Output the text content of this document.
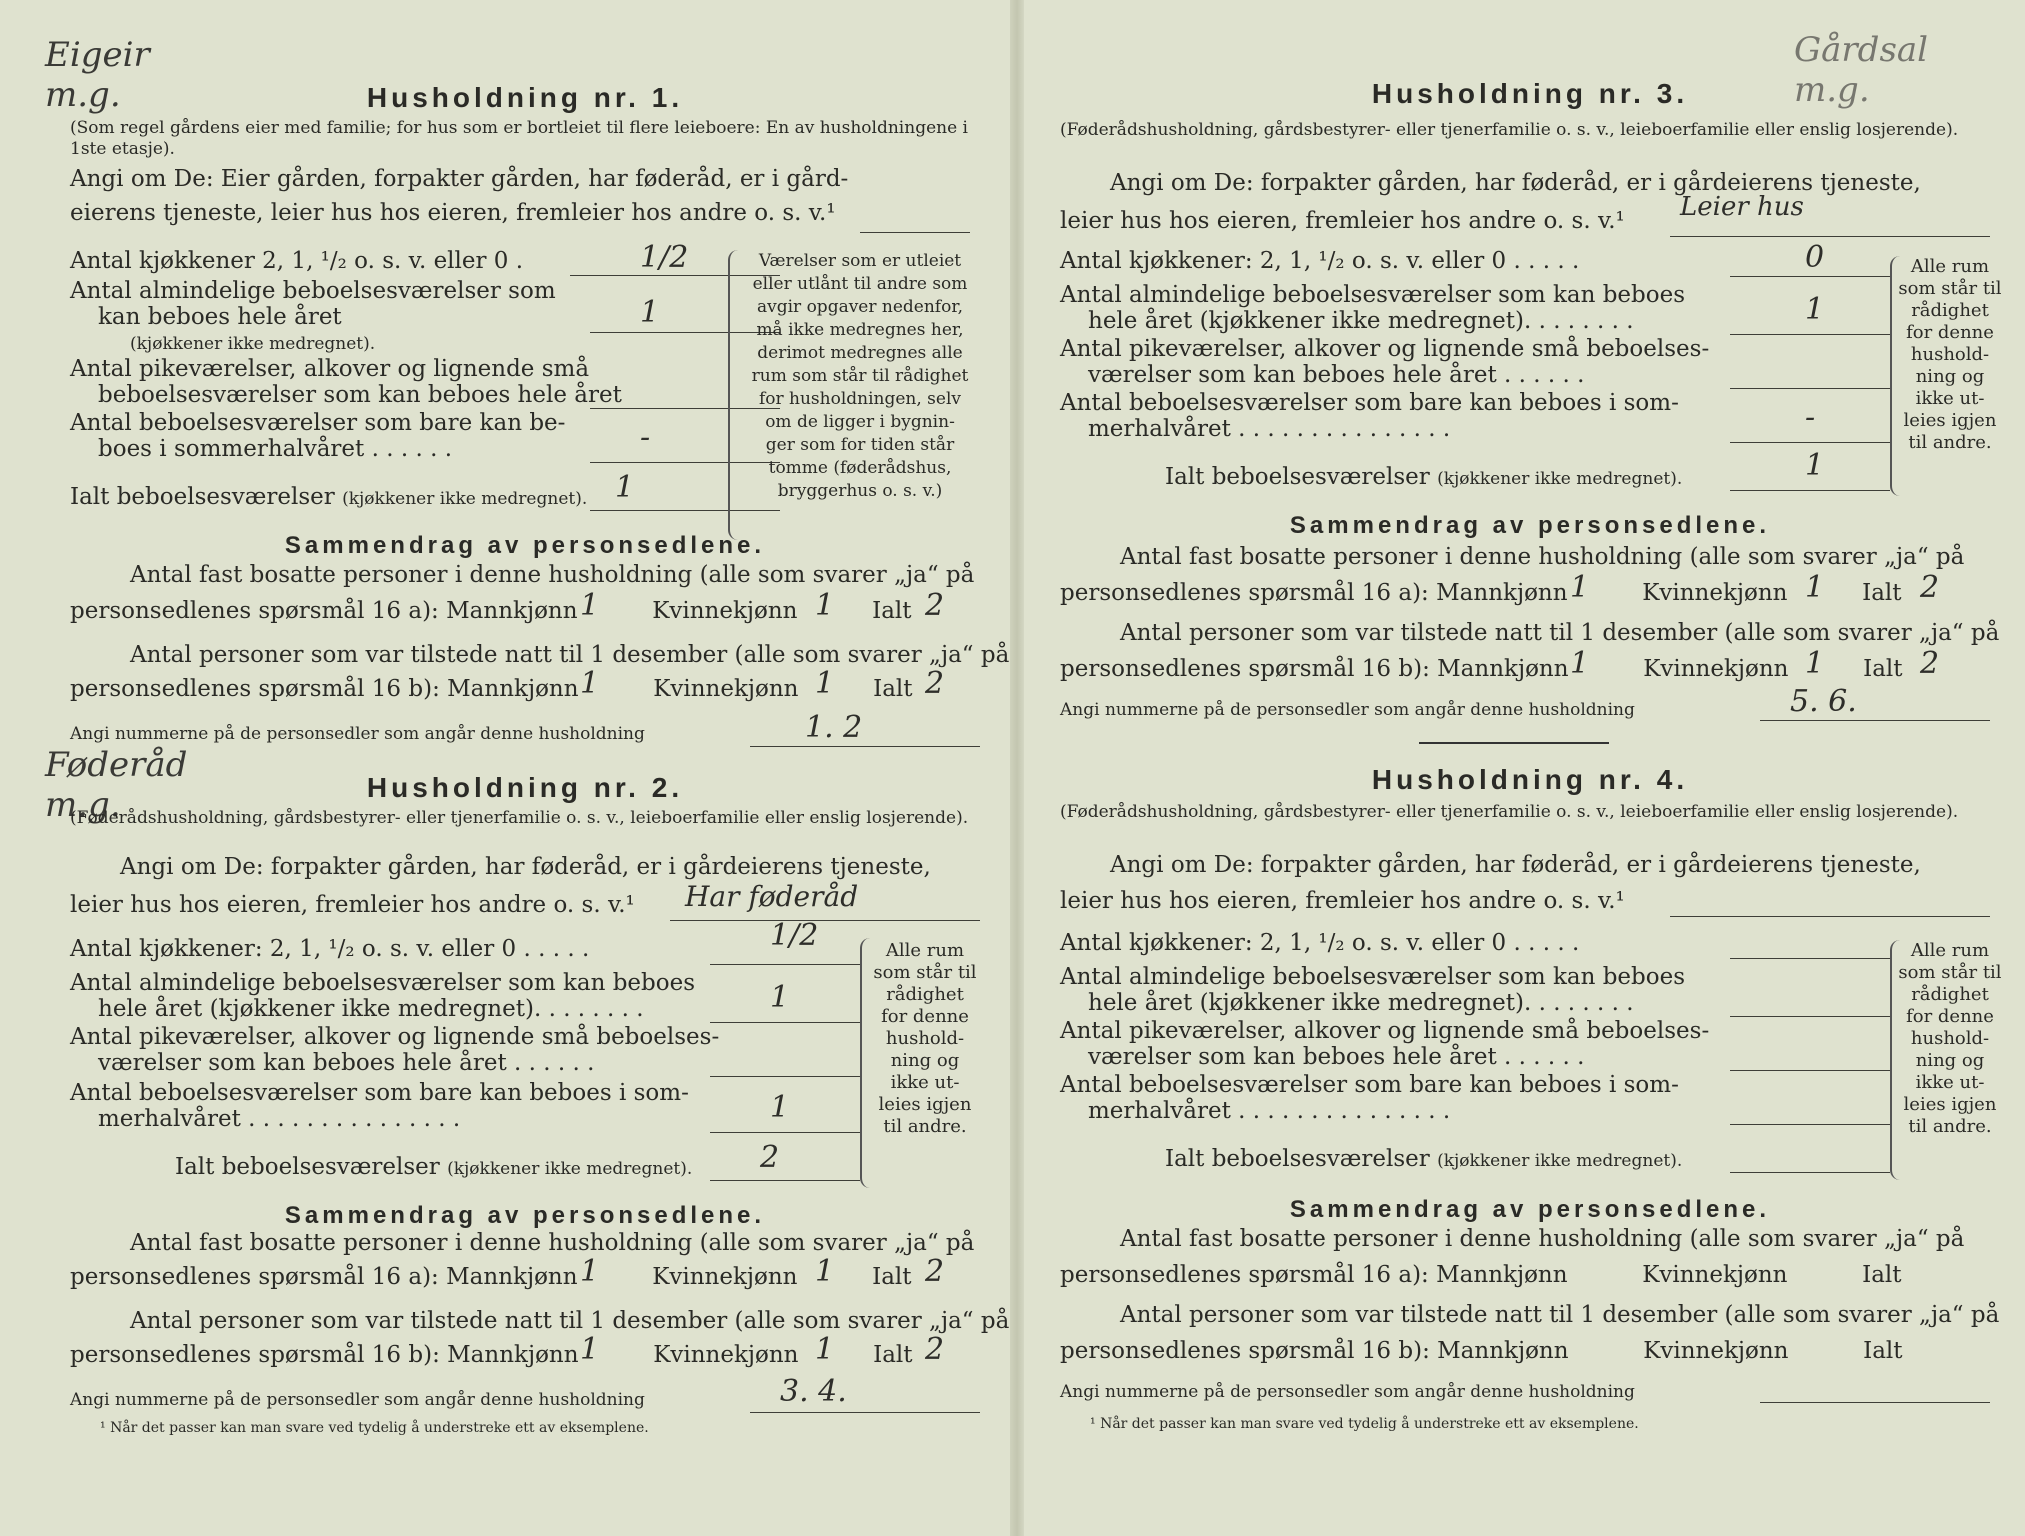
Eigeir
m.g.	Husholdning nr. 1.
(Som regel gårdens eier med familie; for hus som er bortleiet til flere leieboere: En av husholdningene i 1ste etasje).
Angi om De: Eier gården, forpakter gården, har føderåd, er i gård-
eierens tjeneste, leier hus hos eieren, fremleier hos andre o. s. v.¹
Antal kjøkkener 2, 1, ¹/₂ o. s. v. eller 0 .	1/2
Antal almindelige beboelsesværelser som
kan beboes hele året
(kjøkkener ikke medregnet).
1
Antal pikeværelser, alkover og lignende små
beboelsesværelser som kan beboes hele året
Antal beboelsesværelser som bare kan be-
boes i sommerhalvåret . . . . . .	-
Ialt beboelsesværelser (kjøkkener ikke medregnet). 1
Værelser som er utleiet
eller utlånt til andre som
avgir opgaver nedenfor,
må ikke medregnes her,
derimot medregnes alle
rum som står til rådighet
for husholdningen, selv
om de ligger i bygnin-
ger som for tiden står
tomme (føderådshus,
bryggerhus o. s. v.)
Sammendrag av personsedlene.
Antal fast bosatte personer i denne husholdning (alle som svarer „ja“ på
personsedlenes spørsmål 16 a): Mannkjønn	Kvinnekjønn	Ialt
1	1	2
Antal personer som var tilstede natt til 1 desember (alle som svarer „ja“ på
personsedlenes spørsmål 16 b): Mannkjønn	Kvinnekjønn	Ialt
1	1	2
Angi nummerne på de personsedler som angår denne husholdning	1. 2
Føderåd
m.g.	Husholdning nr. 2.
(Føderådshusholdning, gårdsbestyrer- eller tjenerfamilie o. s. v., leieboerfamilie eller enslig losjerende).
Angi om De: forpakter gården, har føderåd, er i gårdeierens tjeneste,
leier hus hos eieren, fremleier hos andre o. s. v.¹ Har føderåd
Antal kjøkkener: 2, 1, ¹/₂ o. s. v. eller 0 . . . . .	1/2
Antal almindelige beboelsesværelser som kan beboes
hele året (kjøkkener ikke medregnet). . . . . . . .	1
Antal pikeværelser, alkover og lignende små beboelses-
værelser som kan beboes hele året . . . . . .
Antal beboelsesværelser som bare kan beboes i som-
merhalvåret . . . . . . . . . . . . . . .	1
Ialt beboelsesværelser (kjøkkener ikke medregnet). 2
Alle rum
som står til
rådighet
for denne
hushold-
ning og
ikke ut-
leies igjen
til andre.
Sammendrag av personsedlene.
Antal fast bosatte personer i denne husholdning (alle som svarer „ja“ på
personsedlenes spørsmål 16 a): Mannkjønn	Kvinnekjønn	Ialt
1	1	2
Antal personer som var tilstede natt til 1 desember (alle som svarer „ja“ på
personsedlenes spørsmål 16 b): Mannkjønn	Kvinnekjønn	Ialt
1	1	2
Angi nummerne på de personsedler som angår denne husholdning	3. 4.
¹ Når det passer kan man svare ved tydelig å understreke ett av eksemplene.
Gårdsal
m.g.
Husholdning nr. 3.
(Føderådshusholdning, gårdsbestyrer- eller tjenerfamilie o. s. v., leieboerfamilie eller enslig losjerende).
Angi om De: forpakter gården, har føderåd, er i gårdeierens tjeneste,
leier hus hos eieren, fremleier hos andre o. s. v.¹ Leier hus
Antal kjøkkener: 2, 1, ¹/₂ o. s. v. eller 0 . . . . .	0
Antal almindelige beboelsesværelser som kan beboes
hele året (kjøkkener ikke medregnet). . . . . . . .	1
Antal pikeværelser, alkover og lignende små beboelses-
værelser som kan beboes hele året . . . . . .
Antal beboelsesværelser som bare kan beboes i som-
merhalvåret . . . . . . . . . . . . . . .	-
Ialt beboelsesværelser (kjøkkener ikke medregnet).	1
Alle rum
som står til
rådighet
for denne
hushold-
ning og
ikke ut-
leies igjen
til andre.
Sammendrag av personsedlene.
Antal fast bosatte personer i denne husholdning (alle som svarer „ja“ på
personsedlenes spørsmål 16 a): Mannkjønn	Kvinnekjønn	Ialt
1	1	2
Antal personer som var tilstede natt til 1 desember (alle som svarer „ja“ på
personsedlenes spørsmål 16 b): Mannkjønn	Kvinnekjønn	Ialt
1	1	2
Angi nummerne på de personsedler som angår denne husholdning	5. 6.
Husholdning nr. 4.
(Føderådshusholdning, gårdsbestyrer- eller tjenerfamilie o. s. v., leieboerfamilie eller enslig losjerende).
Angi om De: forpakter gården, har føderåd, er i gårdeierens tjeneste,
leier hus hos eieren, fremleier hos andre o. s. v.¹
Antal kjøkkener: 2, 1, ¹/₂ o. s. v. eller 0 . . . . .
Antal almindelige beboelsesværelser som kan beboes
hele året (kjøkkener ikke medregnet). . . . . . . .
Antal pikeværelser, alkover og lignende små beboelses-
værelser som kan beboes hele året . . . . . .
Antal beboelsesværelser som bare kan beboes i som-
merhalvåret . . . . . . . . . . . . . . .
Ialt beboelsesværelser (kjøkkener ikke medregnet).
Alle rum
som står til
rådighet
for denne
hushold-
ning og
ikke ut-
leies igjen
til andre.
Sammendrag av personsedlene.
Antal fast bosatte personer i denne husholdning (alle som svarer „ja“ på
personsedlenes spørsmål 16 a): Mannkjønn	Kvinnekjønn	Ialt
Antal personer som var tilstede natt til 1 desember (alle som svarer „ja“ på
personsedlenes spørsmål 16 b): Mannkjønn	Kvinnekjønn	Ialt
Angi nummerne på de personsedler som angår denne husholdning
¹ Når det passer kan man svare ved tydelig å understreke ett av eksemplene.
